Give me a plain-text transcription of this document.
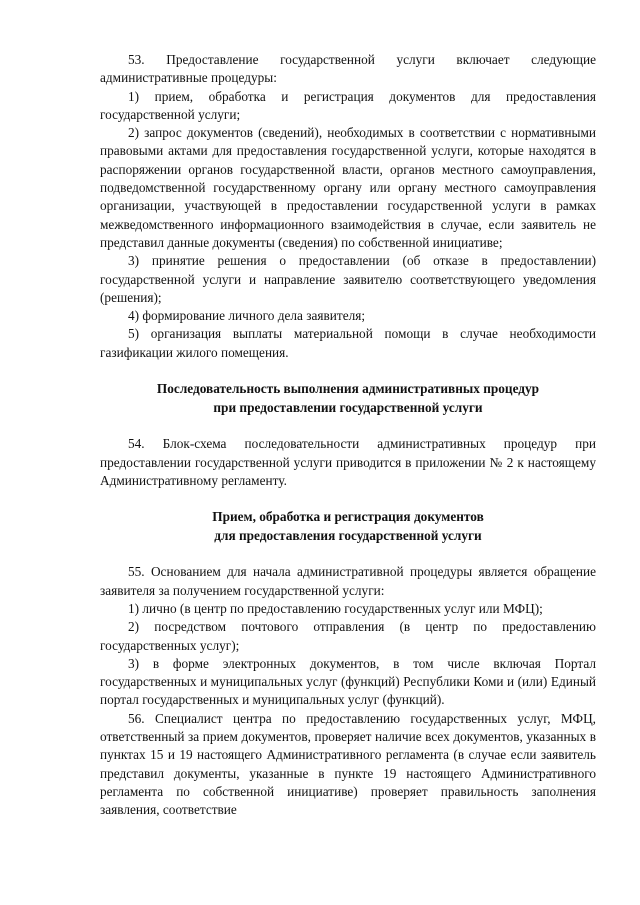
53. Предоставление государственной услуги включает следующие административные процедуры:

1) прием, обработка и регистрация документов для предоставления государственной услуги;

2) запрос документов (сведений), необходимых в соответствии с нормативными правовыми актами для предоставления государственной услуги, которые находятся в распоряжении органов государственной власти, органов местного самоуправления, подведомственной государственному органу или органу местного самоуправления организации, участвующей в предоставлении государственной услуги в рамках межведомственного информационного взаимодействия в случае, если заявитель не представил данные документы (сведения) по собственной инициативе;

3) принятие решения о предоставлении (об отказе в предоставлении) государственной услуги и направление заявителю соответствующего уведомления (решения);

4) формирование личного дела заявителя;

5) организация выплаты материальной помощи в случае необходимости газификации жилого помещения.

Последовательность выполнения административных процедур
при предоставлении государственной услуги

54. Блок-схема последовательности административных процедур при предоставлении государственной услуги приводится в приложении № 2 к настоящему Административному регламенту.

Прием, обработка и регистрация документов
для предоставления государственной услуги

55. Основанием для начала административной процедуры является обращение заявителя за получением государственной услуги:

1) лично (в центр по предоставлению государственных услуг или МФЦ);

2) посредством почтового отправления (в центр по предоставлению государственных услуг);

3) в форме электронных документов, в том числе включая Портал государственных и муниципальных услуг (функций) Республики Коми и (или) Единый портал государственных и муниципальных услуг (функций).

56. Специалист центра по предоставлению государственных услуг, МФЦ, ответственный за прием документов, проверяет наличие всех документов, указанных в пунктах 15 и 19 настоящего Административного регламента (в случае если заявитель представил документы, указанные в пункте 19 настоящего Административного регламента по собственной инициативе) проверяет правильность заполнения заявления, соответствие
